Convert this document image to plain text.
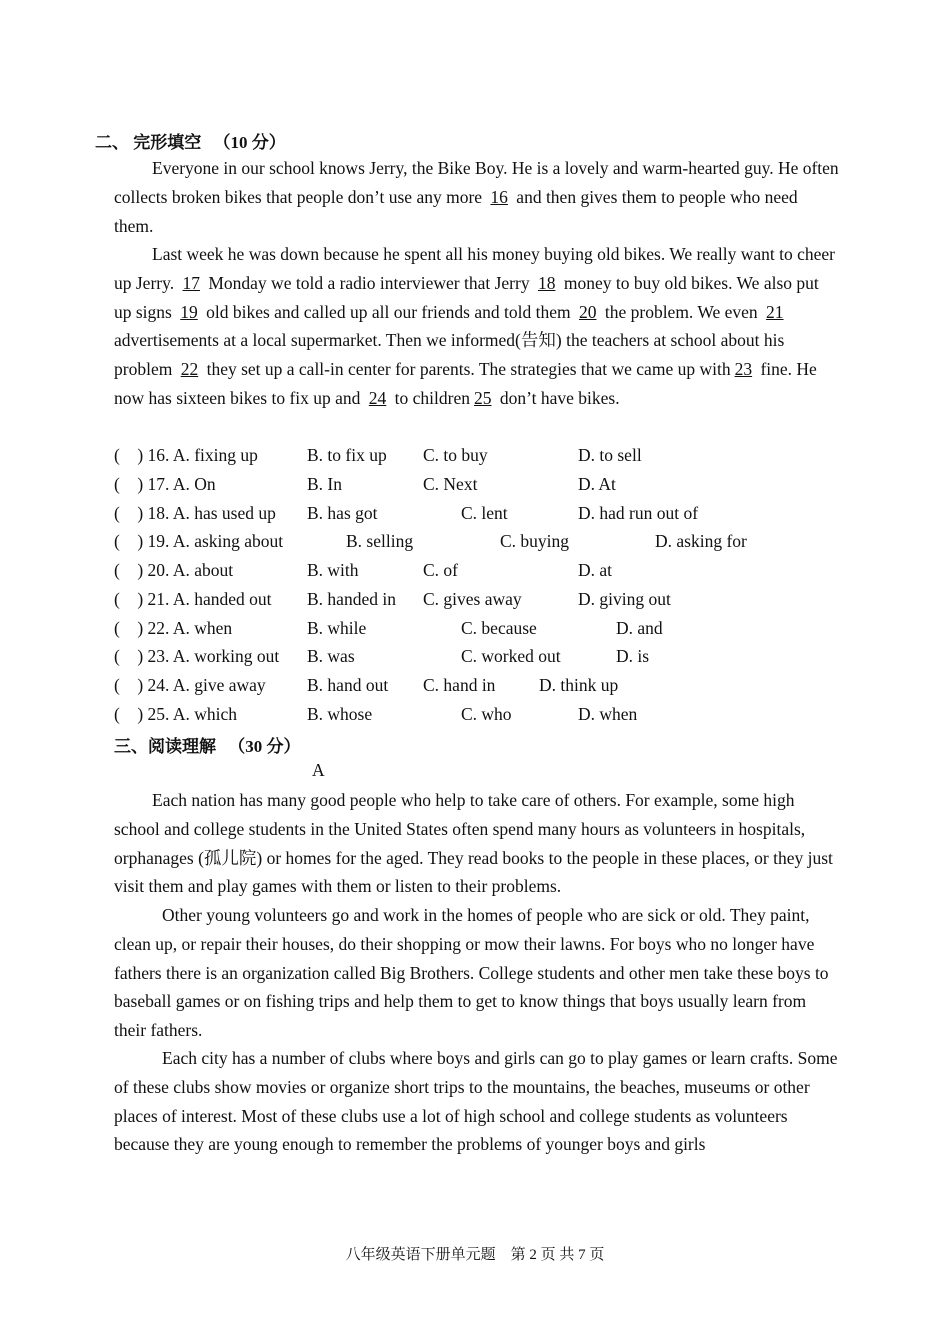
二、 完形填空 （10 分）

Everyone in our school knows Jerry, the Bike Boy. He is a lovely and warm-hearted guy. He often collects broken bikes that people don’t use any more 16 and then gives them to people who need them.

Last week he was down because he spent all his money buying old bikes. We really want to cheer up Jerry. 17 Monday we told a radio interviewer that Jerry 18 money to buy old bikes. We also put up signs 19 old bikes and called up all our friends and told them 20 the problem. We even 21 advertisements at a local supermarket. Then we informed(告知) the teachers at school about his problem 22 they set up a call-in center for parents. The strategies that we came up with 23 fine. He now has sixteen bikes to fix up and 24 to children 25 don’t have bikes.

(　) 16. A. fixing up	B. to fix up C. to buy	D. to sell
(　) 17. A. On	B. In	C. Next	D. At
(　) 18. A. has used up B. has got	C. lent	D. had run out of
(　) 19. A. asking about	B. selling	C. buying	D. asking for
(　) 20. A. about	B. with	C. of	D. at
(　) 21. A. handed out B. handed in C. gives away	D. giving out
(　) 22. A. when	B. while	C. because	D. and
(　) 23. A. working out B. was	C. worked out	D. is
(　) 24. A. give away B. hand out C. hand in D. think up
(　) 25. A. which	B. whose	C. who	D. when
三、阅读理解 （30 分）
A

Each nation has many good people who help to take care of others. For example, some high school and college students in the United States often spend many hours as volunteers in hospitals, orphanages (孤儿院) or homes for the aged. They read books to the people in these places, or they just visit them and play games with them or listen to their problems.

Other young volunteers go and work in the homes of people who are sick or old. They paint, clean up, or repair their houses, do their shopping or mow their lawns. For boys who no longer have fathers there is an organization called Big Brothers. College students and other men take these boys to baseball games or on fishing trips and help them to get to know things that boys usually learn from their fathers.

Each city has a number of clubs where boys and girls can go to play games or learn crafts. Some of these clubs show movies or organize short trips to the mountains, the beaches, museums or other places of interest. Most of these clubs use a lot of high school and college students as volunteers because they are young enough to remember the problems of younger boys and girls

八年级英语下册单元题　第 2 页 共 7 页
